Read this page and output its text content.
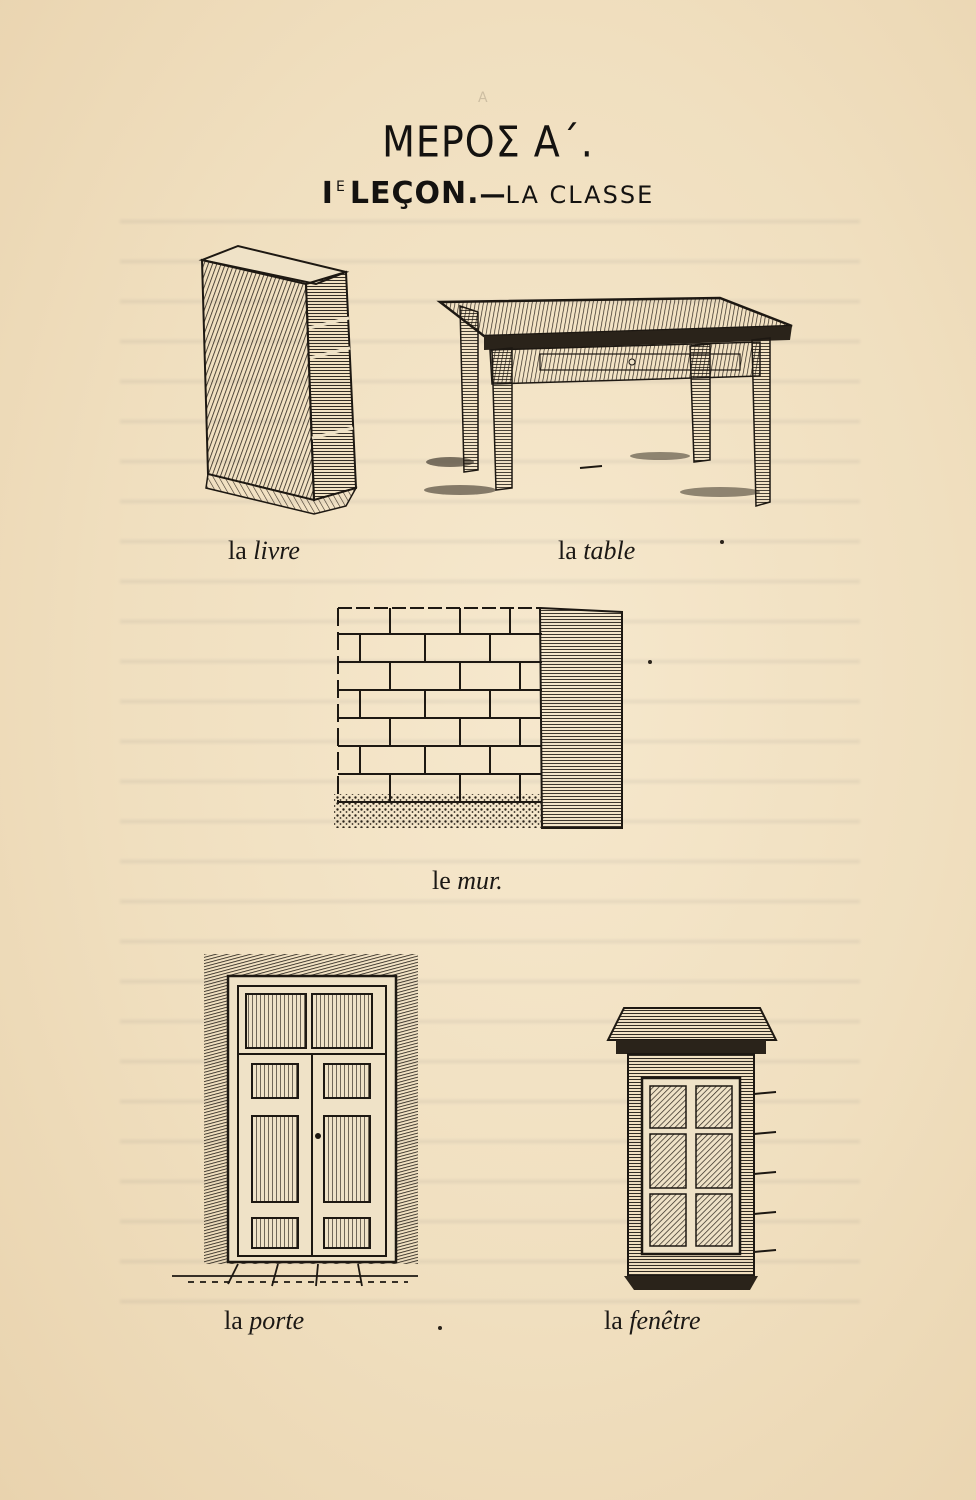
A
ΜΕΡΟΣ Α΄.
I E LEÇON.—LA CLASSE
la livre	la table
le mur.
la porte	la fenêtre
